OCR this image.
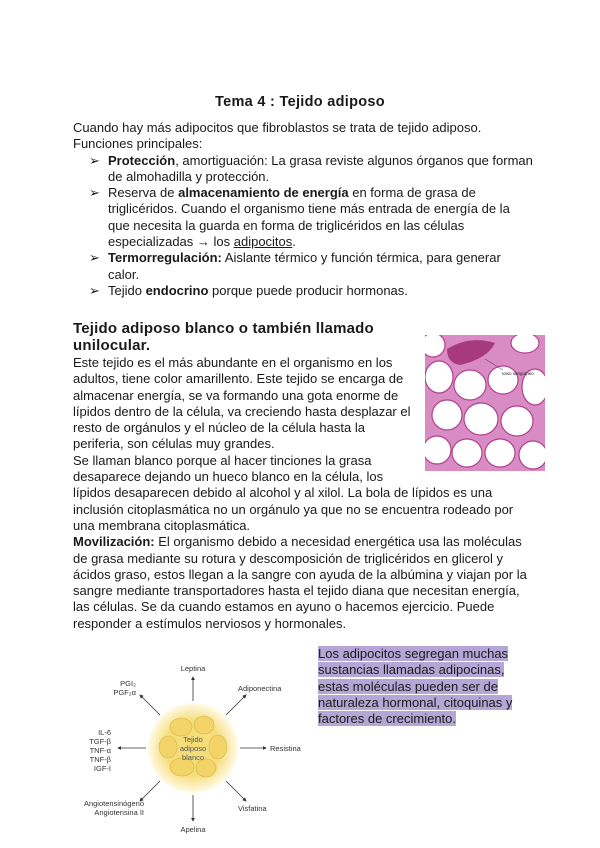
Tema 4 : Tejido adiposo
Cuando hay más adipocitos que fibroblastos se trata de tejido adiposo.
Funciones principales:
➢ Protección, amortiguación: La grasa reviste algunos órganos que forman de almohadilla y protección.
➢ Reserva de almacenamiento de energía en forma de grasa de triglicéridos. Cuando el organismo tiene más entrada de energía de la que necesita la guarda en forma de triglicéridos en las células especializadas → los adipocitos.
➢ Termorregulación: Aislante térmico y función térmica, para generar calor.
➢ Tejido endocrino porque puede producir hormonas.
Tejido adiposo blanco o también llamado unilocular.
Este tejido es el más abundante en el organismo en los
adultos, tiene color amarillento. Este tejido se encarga de
almacenar energía, se va formando una gota enorme de
lípidos dentro de la célula, va creciendo hasta desplazar el
resto de orgánulos y el núcleo de la célula hasta la
periferia, son células muy grandes.
Se llaman blanco porque al hacer tinciones la grasa
desaparece dejando un hueco blanco en la célula, los
lípidos desaparecen debido al alcohol y al xilol. La bola de lípidos es una
inclusión citoplasmática no un orgánulo ya que no se encuentra rodeado por
una membrana citoplasmática.
Movilización: El organismo debido a necesidad energética usa las moléculas de grasa mediante su rotura y descomposición de triglicéridos en glicerol y ácidos graso, estos llegan a la sangre con ayuda de la albúmina y viajan por la sangre mediante transportadores hasta el tejido diana que necesitan energía, las células. Se da cuando estamos en ayuno o hacemos ejercicio. Puede responder a estímulos nerviosos y hormonales.
vaso sanguíneo
Tejido
adiposo
blanco
Leptina
Adiponectina
Resistina
Visfatina
Apelina
Angiotensinógeno
Angiotensina II
IL-6
TGF-β
TNF-α
TNF-β
IGF-I
PGI₂
PGF₂α
Los adipocitos segregan muchas
sustancias llamadas adipocinas,
estas moléculas pueden ser de
naturaleza hormonal, citoquinas y
factores de crecimiento.
